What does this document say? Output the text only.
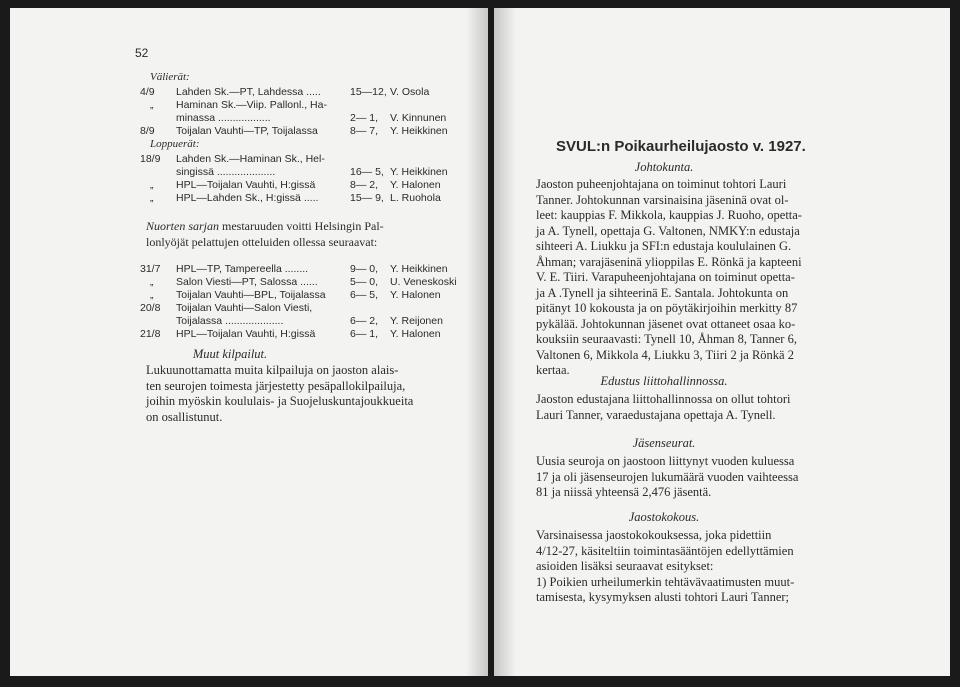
52
Välierät:
4/9	Lahden Sk.—PT, Lahdessa .....	15—12, V. Osola
„ Haminan Sk.—Viip. Pallonl., Ha-
minassa ..................	2— 1, V. Kinnunen
8/9	Toijalan Vauhti—TP, Toijalassa	8— 7, Y. Heikkinen
Loppuerät:
18/9	Lahden Sk.—Haminan Sk., Hel-
singissä ....................	16— 5, Y. Heikkinen
„ HPL—Toijalan Vauhti, H:gissä	8— 2, Y. Halonen
„ HPL—Lahden Sk., H:gissä .....	15— 9, L. Ruohola
Nuorten sarjan mestaruuden voitti Helsingin Pal-
lonlyöjät pelattujen otteluiden ollessa seuraavat:
31/7	HPL—TP, Tampereella ........	9— 0, Y. Heikkinen
„ Salon Viesti—PT, Salossa ......	5— 0, U. Veneskoski
„ Toijalan Vauhti—BPL, Toijalassa 6— 5, Y. Halonen
20/8	Toijalan Vauhti—Salon Viesti,
Toijalassa ....................	6— 2, Y. Reijonen
21/8	HPL—Toijalan Vauhti, H:gissä	6— 1, Y. Halonen
Muut kilpailut.
Lukuunottamatta muita kilpailuja on jaoston alais-
ten seurojen toimesta järjestetty pesäpallokilpailuja,
joihin myöskin koululais- ja Suojeluskuntajoukkueita
on osallistunut.
SVUL:n Poikaurheilujaosto v. 1927.
Johtokunta.
Jaoston puheenjohtajana on toiminut tohtori Lauri
Tanner. Johtokunnan varsinaisina jäseninä ovat ol-
leet: kauppias F. Mikkola, kauppias J. Ruoho, opetta-
ja A. Tynell, opettaja G. Valtonen, NMKY:n edustaja
sihteeri A. Liukku ja SFI:n edustaja koululainen G.
Åhman; varajäseninä ylioppilas E. Rönkä ja kapteeni
V. E. Tiiri. Varapuheenjohtajana on toiminut opetta-
ja A .Tynell ja sihteerinä E. Santala. Johtokunta on
pitänyt 10 kokousta ja on pöytäkirjoihin merkitty 87
pykälää. Johtokunnan jäsenet ovat ottaneet osaa ko-
kouksiin seuraavasti: Tynell 10, Åhman 8, Tanner 6,
Valtonen 6, Mikkola 4, Liukku 3, Tiiri 2 ja Rönkä 2
kertaa.
Edustus liittohallinnossa.
Jaoston edustajana liittohallinnossa on ollut tohtori
Lauri Tanner, varaedustajana opettaja A. Tynell.
Jäsenseurat.
Uusia seuroja on jaostoon liittynyt vuoden kuluessa
17 ja oli jäsenseurojen lukumäärä vuoden vaihteessa
81 ja niissä yhteensä 2,476 jäsentä.
Jaostokokous.
Varsinaisessa jaostokokouksessa, joka pidettiin
4/12-27, käsiteltiin toimintasääntöjen edellyttämien
asioiden lisäksi seuraavat esitykset:
1) Poikien urheilumerkin tehtävävaatimusten muut-
tamisesta, kysymyksen alusti tohtori Lauri Tanner;
